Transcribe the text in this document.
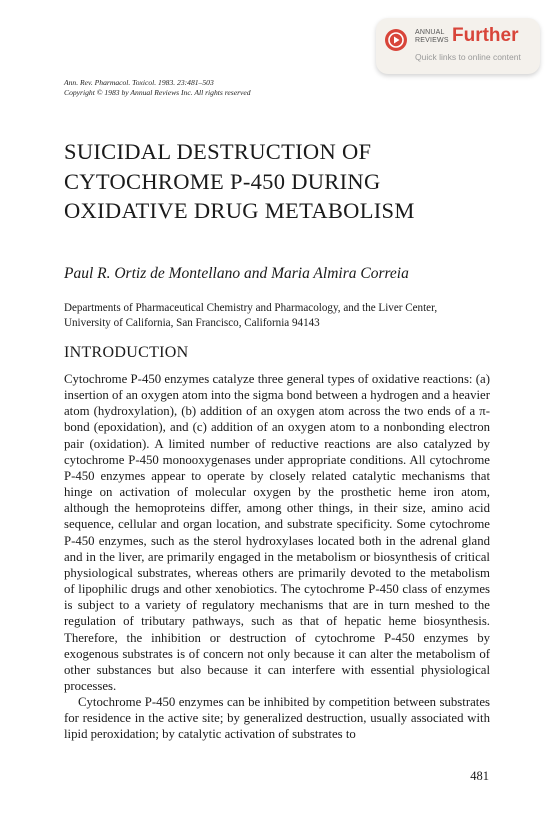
ANNUAL
REVIEWS Further
Quick links to online content
Ann. Rev. Pharmacol. Toxicol. 1983. 23:481–503
Copyright © 1983 by Annual Reviews Inc. All rights reserved
SUICIDAL DESTRUCTION OF CYTOCHROME P-450 DURING OXIDATIVE DRUG METABOLISM
Paul R. Ortiz de Montellano and Maria Almira Correia
Departments of Pharmaceutical Chemistry and Pharmacology, and the Liver Center, University of California, San Francisco, California 94143
INTRODUCTION

Cytochrome P-450 enzymes catalyze three general types of oxidative reactions: (a) insertion of an oxygen atom into the sigma bond between a hydrogen and a heavier atom (hydroxylation), (b) addition of an oxygen atom across the two ends of a π-bond (epoxidation), and (c) addition of an oxygen atom to a nonbonding electron pair (oxidation). A limited number of reductive reactions are also catalyzed by cytochrome P-450 monooxygenases under appropriate conditions. All cytochrome P-450 enzymes appear to operate by closely related catalytic mechanisms that hinge on activation of molecular oxygen by the prosthetic heme iron atom, although the hemoproteins differ, among other things, in their size, amino acid sequence, cellular and organ location, and substrate specificity. Some cytochrome P-450 enzymes, such as the sterol hydroxylases located both in the adrenal gland and in the liver, are primarily engaged in the metabolism or biosynthesis of critical physiological substrates, whereas others are primarily devoted to the metabolism of lipophilic drugs and other xenobiotics. The cytochrome P-450 class of enzymes is subject to a variety of regulatory mechanisms that are in turn meshed to the regulation of tributary pathways, such as that of hepatic heme biosynthesis. Therefore, the inhibition or destruction of cytochrome P-450 enzymes by exogenous substrates is of concern not only because it can alter the metabolism of other substances but also because it can interfere with essential physiological processes.

Cytochrome P-450 enzymes can be inhibited by competition between substrates for residence in the active site; by generalized destruction, usually associated with lipid peroxidation; by catalytic activation of substrates to

481
